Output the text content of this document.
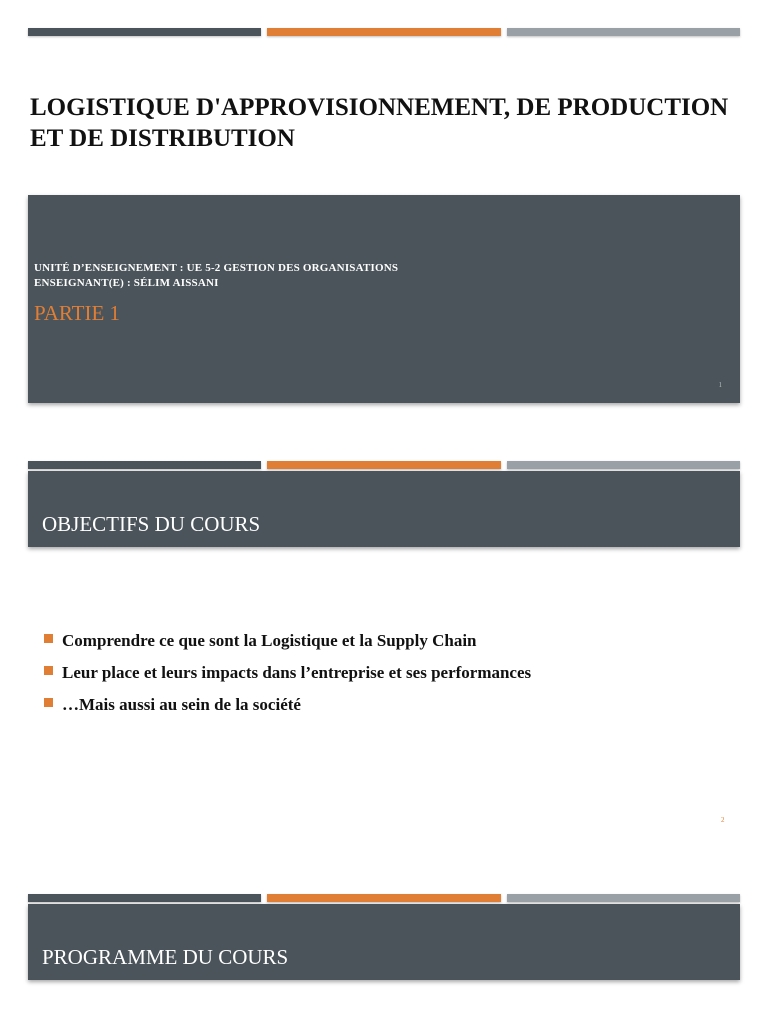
LOGISTIQUE D'APPROVISIONNEMENT, DE PRODUCTION ET DE DISTRIBUTION
UNITÉ D’ENSEIGNEMENT : UE 5-2 GESTION DES ORGANISATIONS
ENSEIGNANT(E) : SÉLIM AISSANI
PARTIE 1
1
OBJECTIFS DU COURS
Comprendre ce que sont la Logistique et la Supply Chain
Leur place et leurs impacts dans l’entreprise et ses performances
…Mais aussi au sein de la société
2
PROGRAMME DU COURS
